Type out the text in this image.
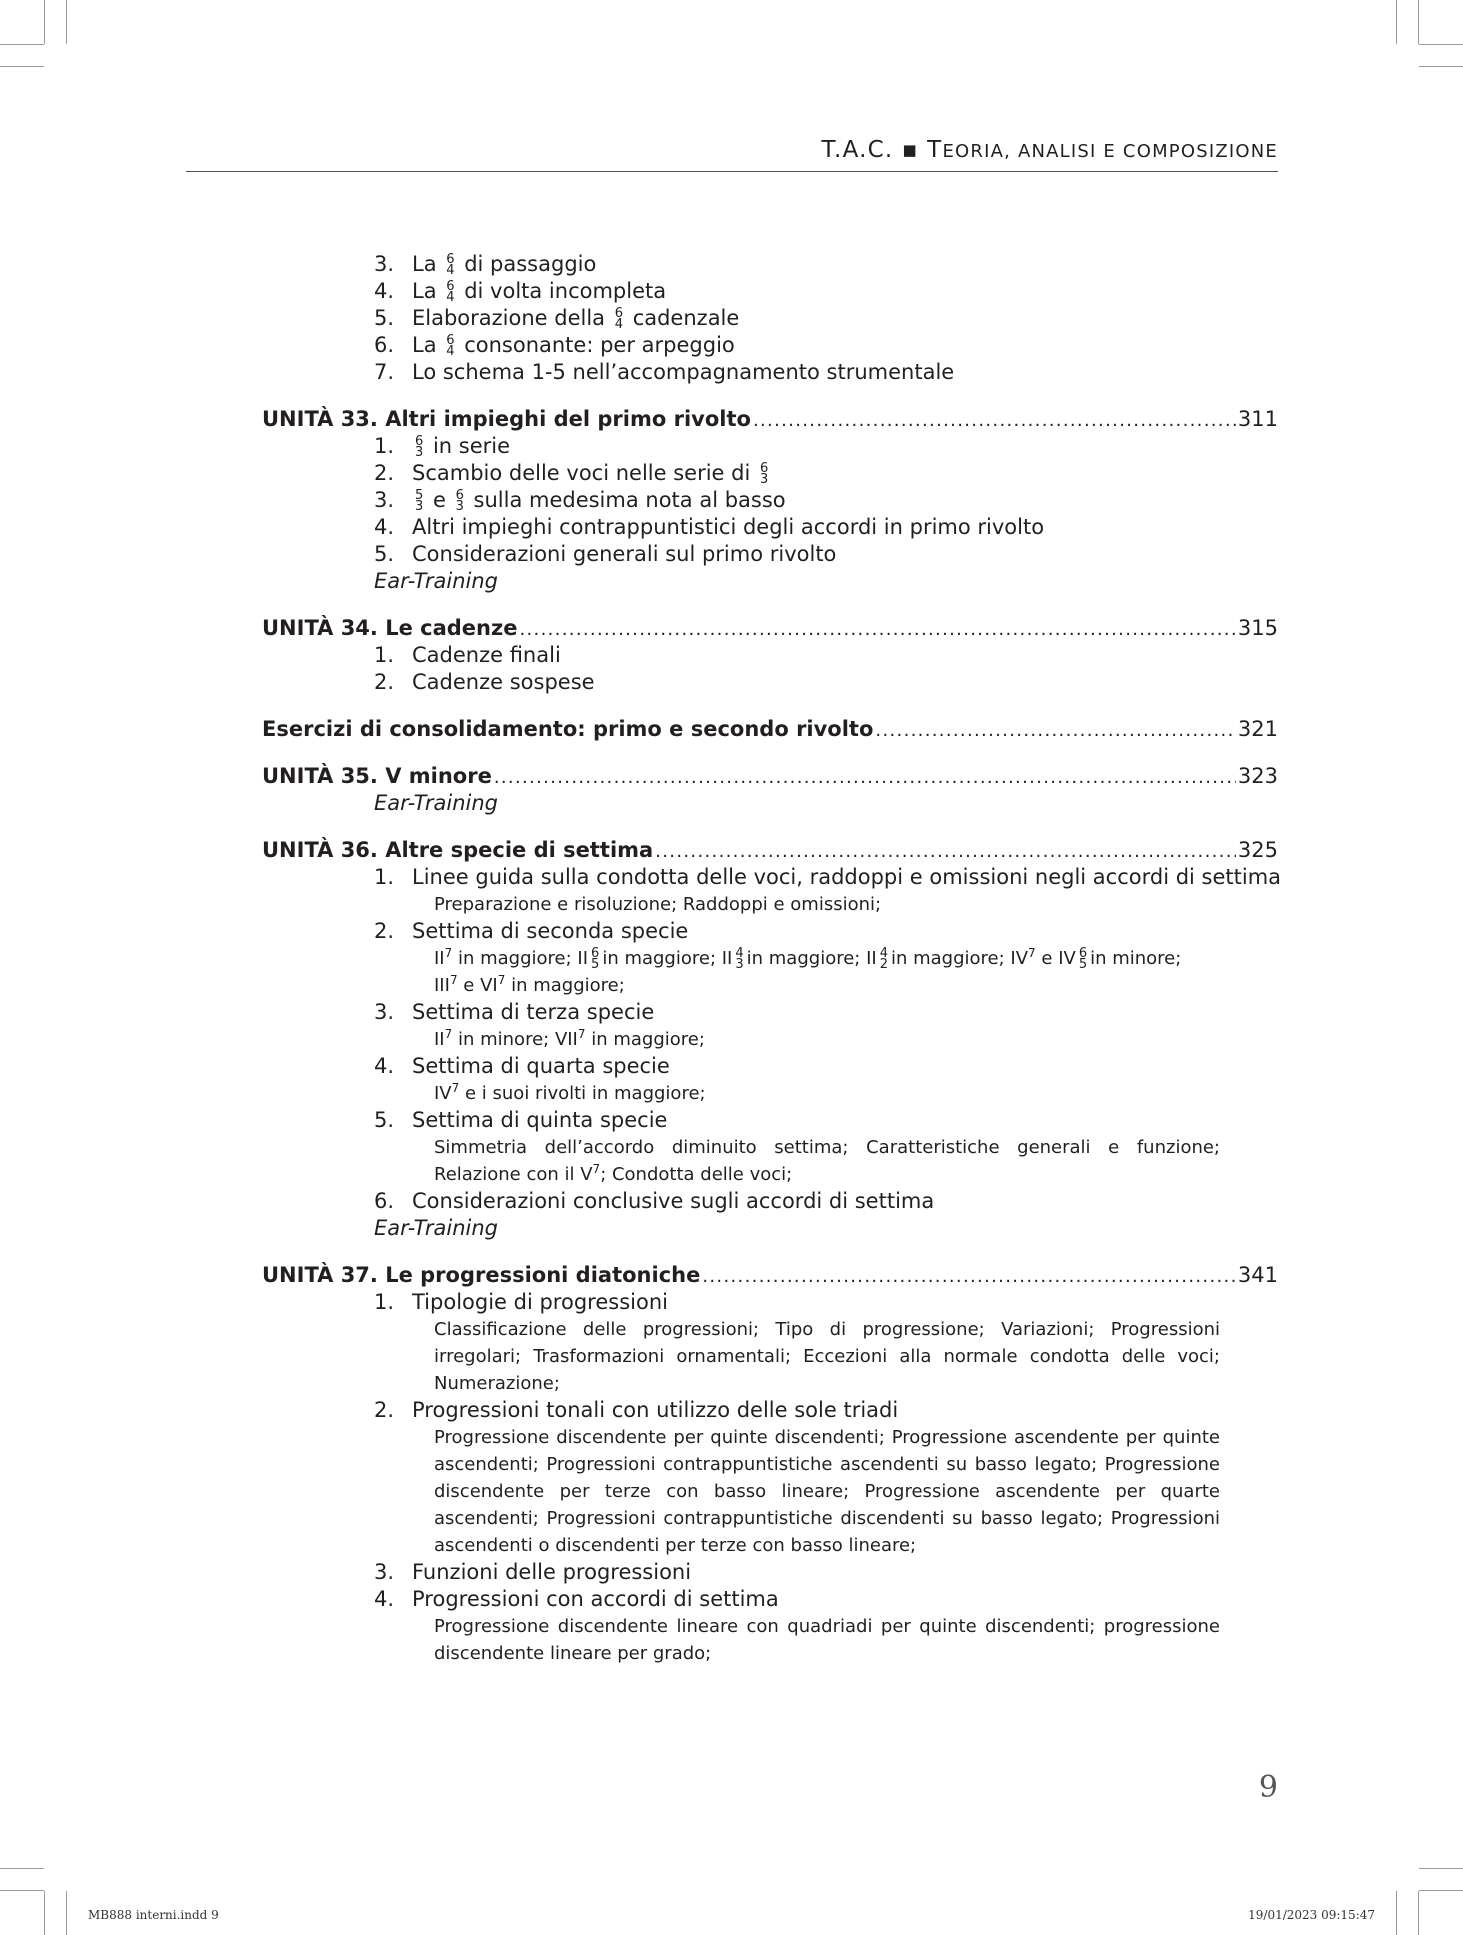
T.A.C. ▪ TEORIA, ANALISI E COMPOSIZIONE
3. La 6
4 di passaggio
4. La 6
4 di volta incompleta
5. Elaborazione della 6
4 cadenzale
6. La 6
4 consonante: per arpeggio
7. Lo schema 1-5 nell’accompagnamento strumentale
UNITÀ 33. Altri impieghi del primo rivolto . . .	311
1. 6
3 in serie
2. Scambio delle voci nelle serie di 6
3
3. 5
3 e 6
3 sulla medesima nota al basso
4. Altri impieghi contrappuntistici degli accordi in primo rivolto
5. Considerazioni generali sul primo rivolto
Ear-Training
UNITÀ 34. Le cadenze . . .	315
1. Cadenze finali
2. Cadenze sospese
Esercizi di consolidamento: primo e secondo rivolto . . .	321
UNITÀ 35. V minore . . .	323
Ear-Training
UNITÀ 36. Altre specie di settima . . .	325
1. Linee guida sulla condotta delle voci, raddoppi e omissioni negli accordi di settima
Preparazione e risoluzione; Raddoppi e omissioni;
2. Settima di seconda specie
$II^7$ in maggiore; II 6
5 in maggiore; II 4
3 in maggiore; II 4
2 in maggiore; $IV^7$ e IV 6
5 in minore;
III$^7$ e $VI^7$ in maggiore;
3. Settima di terza specie
$II^7$ in minore; VII$^7$ in maggiore;
4. Settima di quarta specie
$IV^7$ e i suoi rivolti in maggiore;
5. Settima di quinta specie
Simmetria dell’accordo diminuito settima; Caratteristiche generali e funzione; Relazione con il $V^7$; Condotta delle voci;
6. Considerazioni conclusive sugli accordi di settima
Ear-Training
UNITÀ 37. Le progressioni diatoniche . . .	341
1. Tipologie di progressioni
Classificazione delle progressioni; Tipo di progressione; Variazioni; Progressioni irregolari; Trasformazioni ornamentali; Eccezioni alla normale condotta delle voci; Numerazione;
2. Progressioni tonali con utilizzo delle sole triadi
Progressione discendente per quinte discendenti; Progressione ascendente per quinte ascendenti; Progressioni contrappuntistiche ascendenti su basso legato; Progressione discendente per terze con basso lineare; Progressione ascendente per quarte ascendenti; Progressioni contrappuntistiche discendenti su basso legato; Progressioni ascendenti o discendenti per terze con basso lineare;
3. Funzioni delle progressioni
4. Progressioni con accordi di settima
Progressione discendente lineare con quadriadi per quinte discendenti; progressione discendente lineare per grado;
9
MB888 interni.indd 9	19/01/2023 09:15:47
